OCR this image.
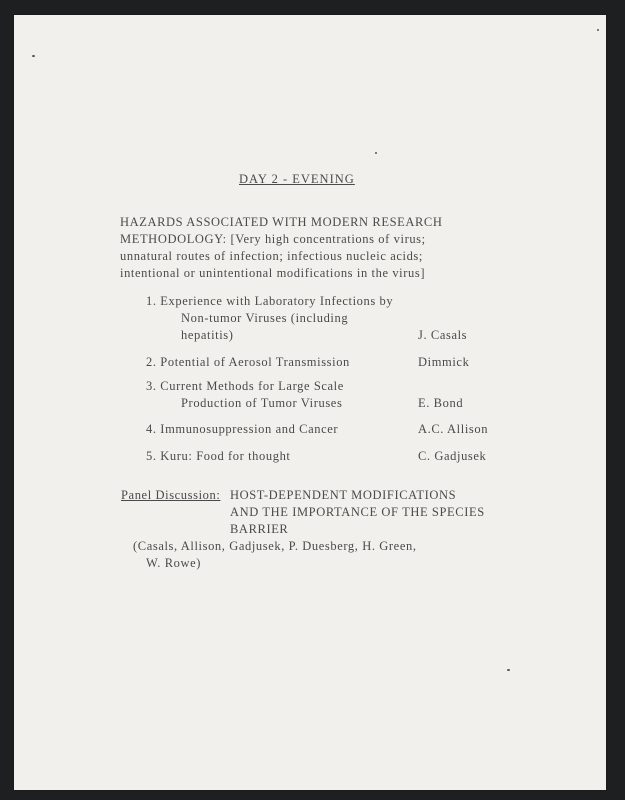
DAY 2 - EVENING
HAZARDS ASSOCIATED WITH MODERN RESEARCH
METHODOLOGY: [Very high concentrations of virus;
unnatural routes of infection; infectious nucleic acids;
intentional or unintentional modifications in the virus]
1. Experience with Laboratory Infections by
Non-tumor Viruses (including
hepatitis)	J. Casals
2. Potential of Aerosol Transmission	Dimmick
3. Current Methods for Large Scale
Production of Tumor Viruses	E. Bond
4. Immunosuppression and Cancer	A.C. Allison
5. Kuru: Food for thought	C. Gadjusek
Panel Discussion: HOST-DEPENDENT MODIFICATIONS
AND THE IMPORTANCE OF THE SPECIES
BARRIER
(Casals, Allison, Gadjusek, P. Duesberg, H. Green,
W. Rowe)
